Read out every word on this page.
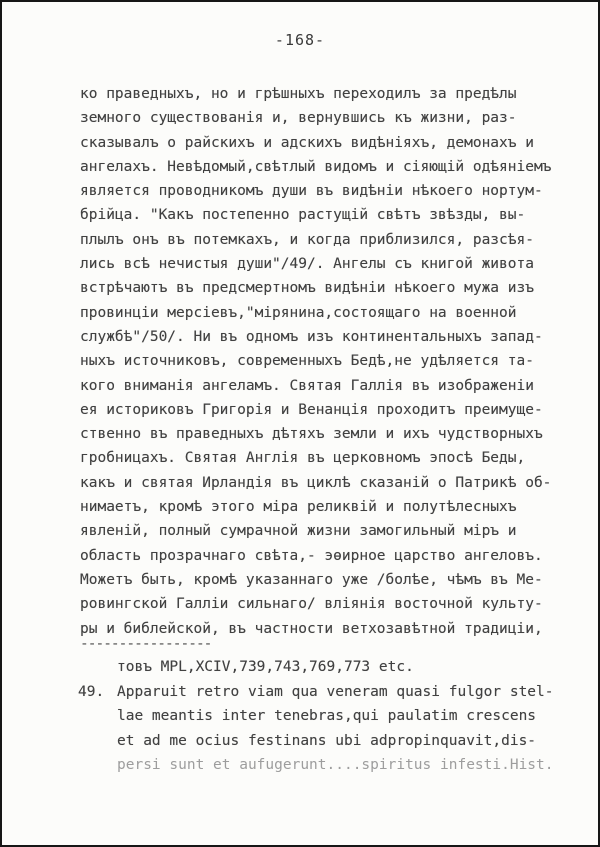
-168-
ко праведныхъ, но и грѣшныхъ переходилъ за предѣлы
земного существованія и, вернувшись къ жизни, раз-
сказывалъ о райскихъ и адскихъ видѣніяхъ, демонахъ и
ангелахъ. Невѣдомый,свѣтлый видомъ и сіяющій одѣяніемъ
является проводникомъ души въ видѣніи нѣкоего нортум-
брійца. "Какъ постепенно растущій свѣтъ звѣзды, вы-
плылъ онъ въ потемкахъ, и когда приблизился, разсѣя-
лись всѣ нечистыя души"/49/. Ангелы съ книгой живота
встрѣчаютъ въ предсмертномъ видѣніи нѣкоего мужа изъ
провинціи мерсіевъ,"мірянина,состоящаго на военной
службѣ"/50/. Ни въ одномъ изъ континентальныхъ запад-
ныхъ источниковъ, современныхъ Бедѣ,не удѣляется та-
кого вниманія ангеламъ. Святая Галлія въ изображеніи
ея историковъ Григорія и Венанція проходитъ преимуще-
ственно въ праведныхъ дѣтяхъ земли и ихъ чудстворныхъ
гробницахъ. Святая Англія въ церковномъ эпосѣ Беды,
какъ и святая Ирландія въ циклѣ сказаній о Патрикѣ об-
нимаетъ, кромѣ этого міра реликвій и полутѣлесныхъ
явленій, полный сумрачной жизни замогильный міръ и
область прозрачнаго свѣта,- эѳирное царство ангеловъ.
Можетъ быть, кромѣ указаннаго уже /болѣе, чѣмъ въ Ме-
ровингской Галліи сильнаго/ вліянія восточной культу-
ры и библейской, въ частности ветхозавѣтной традиціи,
-----------------
товъ MPL,XCIV,739,743,769,773 etc.
49. Apparuit retro viam qua veneram quasi fulgor stel-
lae meantis inter tenebras,qui paulatim crescens
et ad me ocius festinans ubi adpropinquavit,dis-
persi sunt et aufugerunt....spiritus infesti.Hist.
